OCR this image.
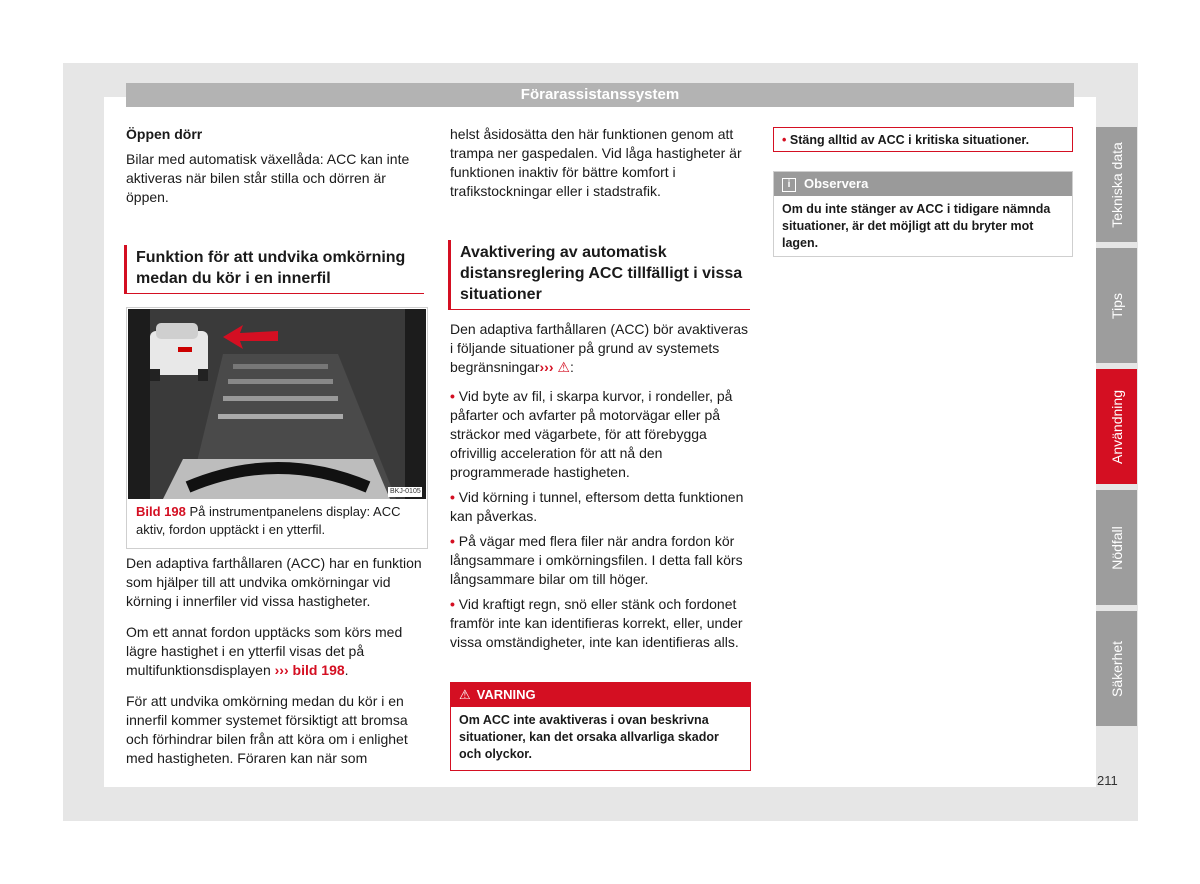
Förarassistanssystem
Öppen dörr

Bilar med automatisk växellåda: ACC kan inte aktiveras när bilen står stilla och dörren är öppen.

Funktion för att undvika omkörning medan du kör i en innerfil
BKJ-0105
Bild 198 På instrumentpanelens display: ACC aktiv, fordon upptäckt i en ytterfil.

Den adaptiva farthållaren (ACC) har en funktion som hjälper till att undvika omkörningar vid körning i innerfiler vid vissa hastigheter.

Om ett annat fordon upptäcks som körs med lägre hastighet i en ytterfil visas det på multifunktionsdisplayen ››› bild 198.

För att undvika omkörning medan du kör i en innerfil kommer systemet försiktigt att bromsa och förhindrar bilen från att köra om i enlighet med hastigheten. Föraren kan när som

helst åsidosätta den här funktionen genom att trampa ner gaspedalen. Vid låga hastigheter är funktionen inaktiv för bättre komfort i trafikstockningar eller i stadstrafik.

Avaktivering av automatisk distansreglering ACC tillfälligt i vissa situationer

Den adaptiva farthållaren (ACC) bör avaktiveras i följande situationer på grund av systemets begränsningar››› ⚠:

• Vid byte av fil, i skarpa kurvor, i rondeller, på påfarter och avfarter på motorvägar eller på sträckor med vägarbete, för att förebygga ofrivillig acceleration för att nå den programmerade hastigheten.
• Vid körning i tunnel, eftersom detta funktionen kan påverkas.
• På vägar med flera filer när andra fordon kör långsammare i omkörningsfilen. I detta fall körs långsammare bilar om till höger.
• Vid kraftigt regn, snö eller stänk och fordonet framför inte kan identifieras korrekt, eller, under vissa omständigheter, inte kan identifieras alls.
⚠ VARNING
Om ACC inte avaktiveras i ovan beskrivna situationer, kan det orsaka allvarliga skador och olyckor.
• Stäng alltid av ACC i kritiska situationer.
i Observera
Om du inte stänger av ACC i tidigare nämnda situationer, är det möjligt att du bryter mot lagen.
Tekniska data
Tips
Användning
Nödfall
Säkerhet
211
